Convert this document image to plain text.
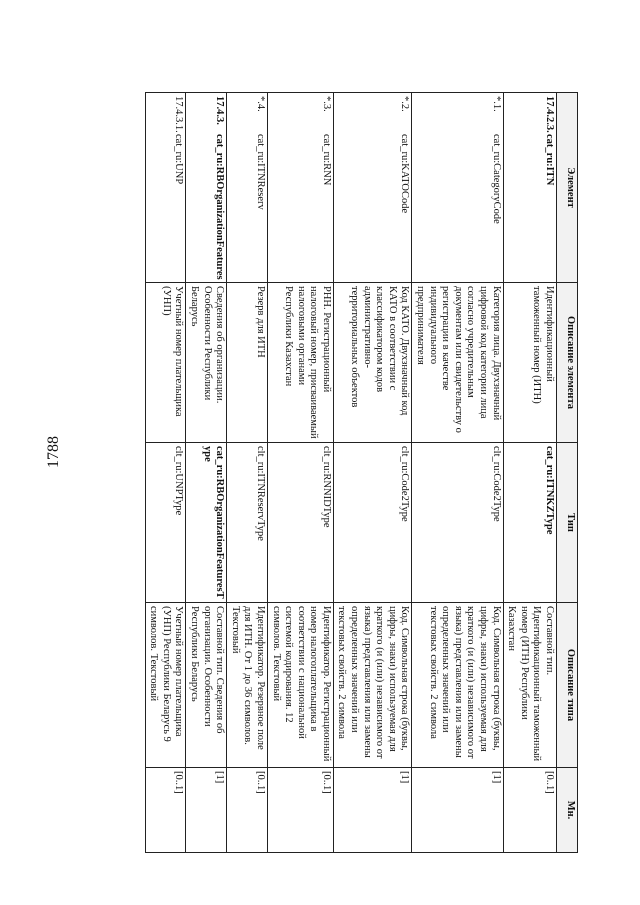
1788
Элемент	Описание элемента	Тип	Описание типа	Мн.

17.4.2.3.
cat_ru:ITN	Идентификационный таможенный номер (ИТН)	cat_ru:ITNKZType	Составной тип. Идентификационный таможенный номер (ИТН) Республики Казахстан	[0..1]

*.1.
cat_ru:CategoryCode	Категория лица. Двухзначный цифровой код категории лица согласно учредительным документам или свидетельству о регистрации в качестве индивидуального предпринимателя	clt_ru:Code2Type	Код. Символьная строка (буквы, цифры, знаки) используемая для краткого (и (или) независимого от языка) представления или замены определенных значений или текстовых свойств. 2 символа	[1]

*.2.
cat_ru:KATOCode	Код КАТО. Двухзначный код КАТО в соответствии с классификатором кодов административно-территориальных объектов	clt_ru:Code2Type	Код. Символьная строка (буквы, цифры, знаки) используемая для краткого (и (или) независимого от языка) представления или замены определенных значений или текстовых свойств. 2 символа	[1]

*.3.
cat_ru:RNN	РНН. Регистрационный налоговый номер, присваиваемый налоговыми органами Республики Казахстан	clt_ru:RNNIDType	Идентификатор. Регистрационный номер налогоплательщика в соответствии с национальной системой кодирования. 12 символов. Текстовый	[0..1]

*.4.
cat_ru:ITNReserv	Резерв для ИТН	clt_ru:ITNReservType	Идентификатор. Резервное поле для ИТН. От 1 до 36 символов. Текстовый	[0..1]

17.4.3.
cat_ru:RBOrganizationFeatures	Сведения об организации. Особенности Республики Беларусь	cat_ru:RBOrganizationFeaturesType	Составной тип. Сведения об организации. Особенности Республики Беларусь	[1]

17.4.3.1.
cat_ru:UNP	Учетный номер плательщика (УНП)	clt_ru:UNPType	Учетный номер плательщика (УНП) Республики Беларусь 9 символов. Текстовый	[0..1]
